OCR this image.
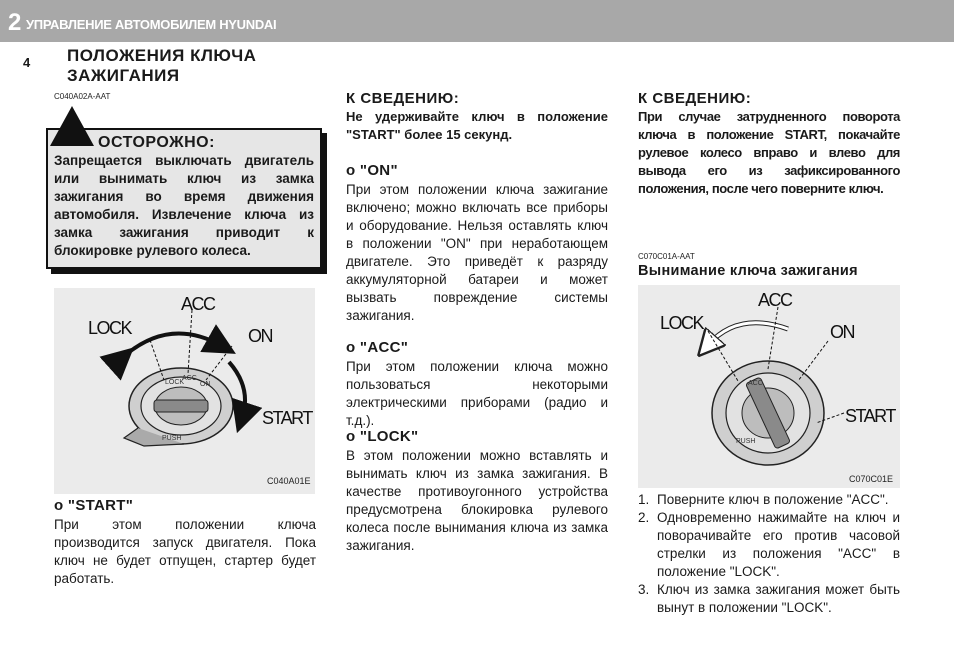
2 УПРАВЛЕНИЕ АВТОМОБИЛЕМ HYUNDAI
4 ПОЛОЖЕНИЯ КЛЮЧА
ЗАЖИГАНИЯ
C040A02A-AAT
ОСТОРОЖНО:
Запрещается выключать двигатель или вынимать ключ из замка зажигания во время движения автомобиля. Извлечение ключа из замка зажигания приводит к блокировке рулевого колеса.
LOCK
ACC
ON
PUSH
ACC
LOCK	ON
START
C040A01E
о "START"
При этом положении ключа производится запуск двигателя. Пока ключ не будет отпущен, стартер будет работать.
К СВЕДЕНИЮ:
Не удерживайте ключ в положение "START" более 15 секунд.
о "ON"
При этом положении ключа зажигание включено; можно включать все приборы и оборудование. Нельзя оставлять ключ в положении "ON" при неработающем двигателе. Это приведёт к разряду аккумуляторной батареи и может вызвать повреждение системы зажигания.
о "ACC"
При этом положении ключа можно пользоваться некоторыми электрическими приборами (радио и т.д.).
о "LOCK"
В этом положении можно вставлять и вынимать ключ из замка зажигания. В качестве противоугонного устройства предусмотрена блокировка рулевого колеса после вынимания ключа из замка зажигания.
К СВЕДЕНИЮ:
При случае затрудненного поворота ключа в положение START, покачайте рулевое колесо вправо и влево для вывода его из зафиксированного положения, после чего поверните ключ.
C070C01A-AAT
Вынимание ключа зажигания
ACC
PUSH
ACC
LOCK	ON
START
C070C01E
1. Поверните ключ в положение "ACC".
2. Одновременно нажимайте на ключ и поворачивайте его против часовой стрелки из положения "ACC" в положение "LOCK".
3. Ключ из замка зажигания может быть вынут в положении "LOCK".
